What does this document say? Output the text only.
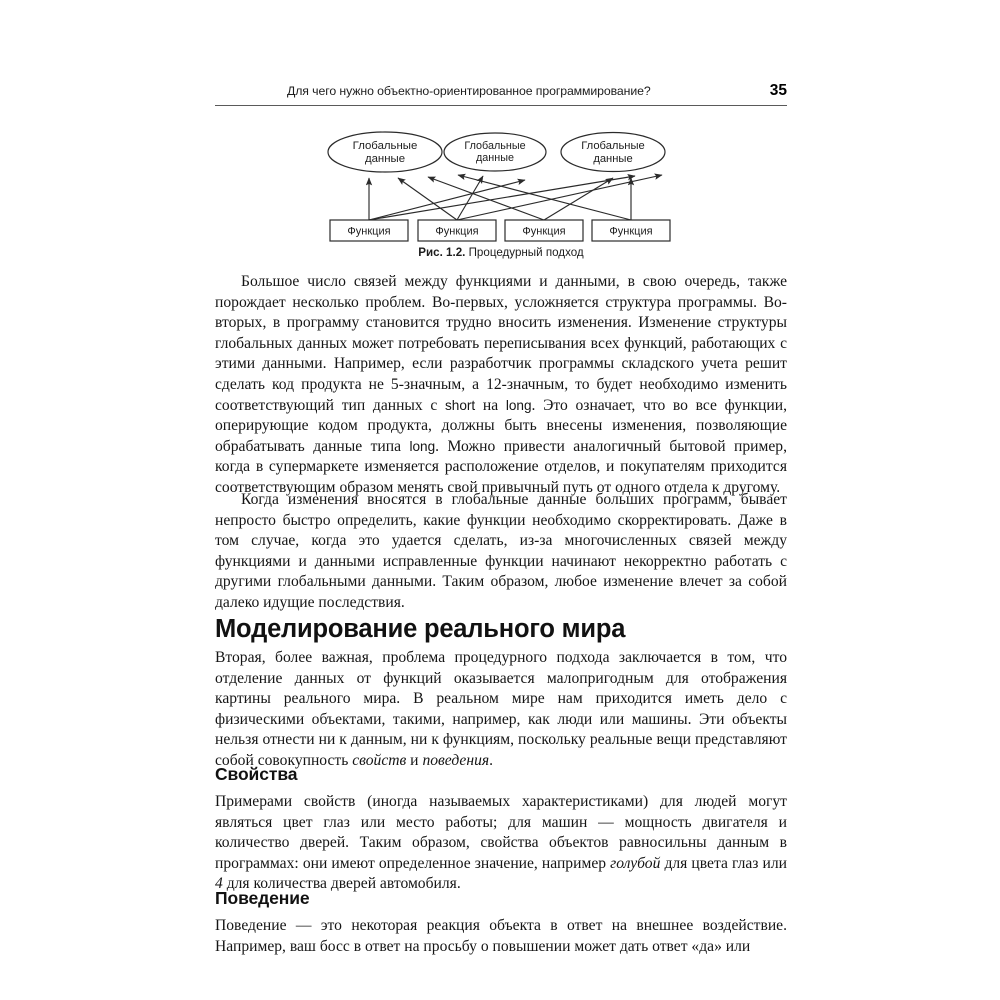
Для чего нужно объектно-ориентированное программирование?	35
Глобальные
данные
Глобальные
данные
Глобальные
данные
Функция	Функция	Функция	Функция
Рис. 1.2. Процедурный подход

Большое число связей между функциями и данными, в свою очередь, также порождает несколько проблем. Во-первых, усложняется структура программы. Во-вторых, в программу становится трудно вносить изменения. Изменение структуры глобальных данных может потребовать переписывания всех функций, работающих с этими данными. Например, если разработчик программы складского учета решит сделать код продукта не 5-значным, а 12-значным, то будет необходимо изменить соответствующий тип данных с short на long. Это означает, что во все функции, оперирующие кодом продукта, должны быть внесены изменения, позволяющие обрабатывать данные типа long. Можно привести аналогичный бытовой пример, когда в супермаркете изменяется расположение отделов, и покупателям приходится соответствующим образом менять свой привычный путь от одного отдела к другому.

Когда изменения вносятся в глобальные данные больших программ, бывает непросто быстро определить, какие функции необходимо скорректировать. Даже в том случае, когда это удается сделать, из-за многочисленных связей между функциями и данными исправленные функции начинают некорректно работать с другими глобальными данными. Таким образом, любое изменение влечет за собой далеко идущие последствия.

Моделирование реального мира

Вторая, более важная, проблема процедурного подхода заключается в том, что отделение данных от функций оказывается малопригодным для отображения картины реального мира. В реальном мире нам приходится иметь дело с физическими объектами, такими, например, как люди или машины. Эти объекты нельзя отнести ни к данным, ни к функциям, поскольку реальные вещи представляют собой совокупность свойств и поведения.

Свойства

Примерами свойств (иногда называемых характеристиками) для людей могут являться цвет глаз или место работы; для машин — мощность двигателя и количество дверей. Таким образом, свойства объектов равносильны данным в программах: они имеют определенное значение, например голубой для цвета глаз или 4 для количества дверей автомобиля.

Поведение

Поведение — это некоторая реакция объекта в ответ на внешнее воздействие. Например, ваш босс в ответ на просьбу о повышении может дать ответ «да» или
